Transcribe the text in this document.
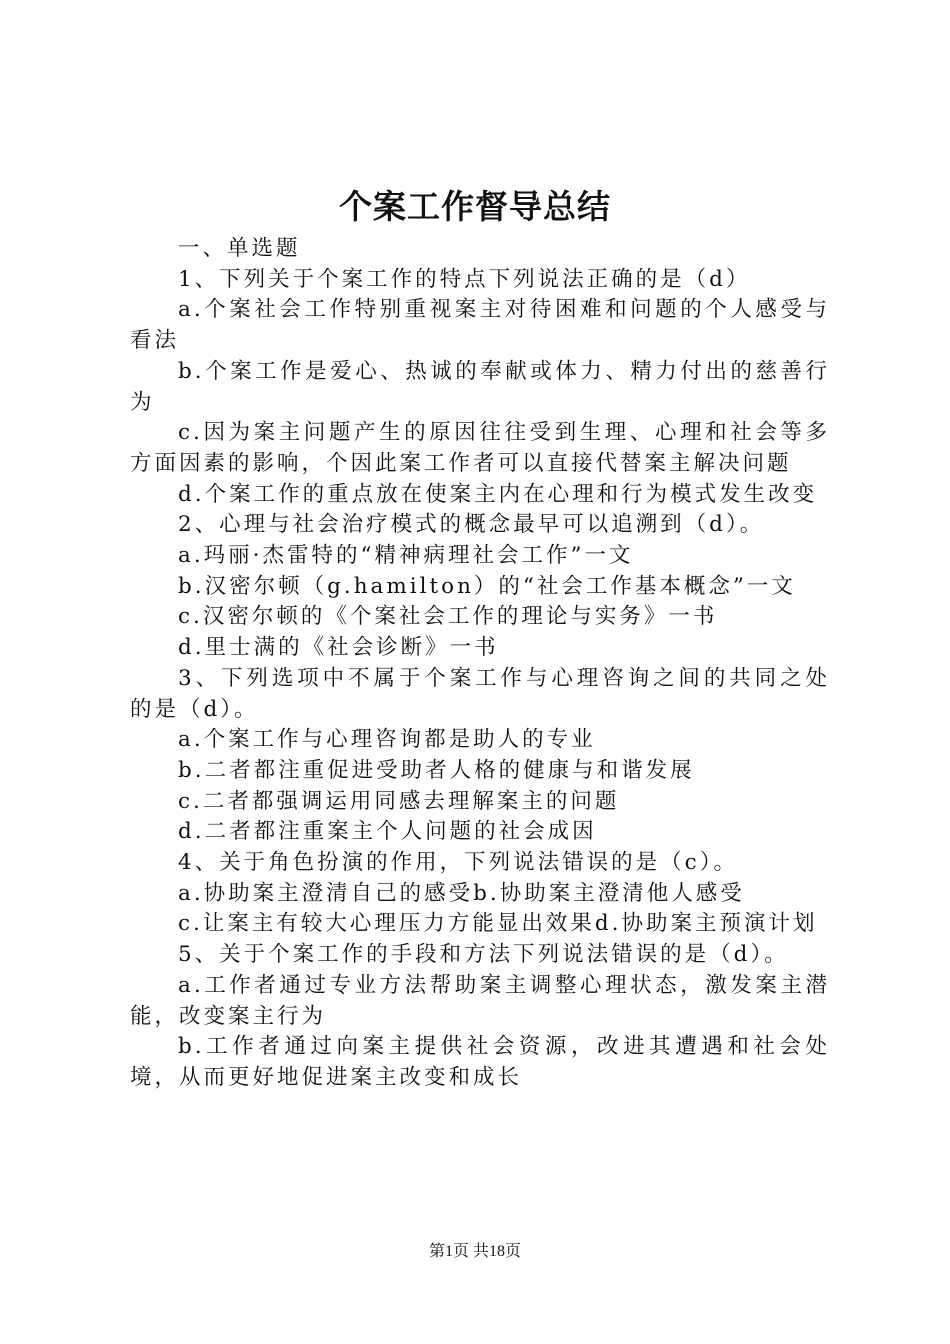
个案工作督导总结

一、单选题

1、下列关于个案工作的特点下列说法正确的是（d）

a.个案社会工作特别重视案主对待困难和问题的个人感受与看法

b.个案工作是爱心、热诚的奉献或体力、精力付出的慈善行为

c.因为案主问题产生的原因往往受到生理、心理和社会等多方面因素的影响，个因此案工作者可以直接代替案主解决问题

d.个案工作的重点放在使案主内在心理和行为模式发生改变

2、心理与社会治疗模式的概念最早可以追溯到（d）。

a.玛丽·杰雷特的“精神病理社会工作”一文

b.汉密尔顿（g.hamilton）的“社会工作基本概念”一文

c.汉密尔顿的《个案社会工作的理论与实务》一书

d.里士满的《社会诊断》一书

3、下列选项中不属于个案工作与心理咨询之间的共同之处的是（d）。

a.个案工作与心理咨询都是助人的专业

b.二者都注重促进受助者人格的健康与和谐发展

c.二者都强调运用同感去理解案主的问题

d.二者都注重案主个人问题的社会成因

4、关于角色扮演的作用，下列说法错误的是（c）。

a.协助案主澄清自己的感受b.协助案主澄清他人感受

c.让案主有较大心理压力方能显出效果d.协助案主预演计划

5、关于个案工作的手段和方法下列说法错误的是（d）。

a.工作者通过专业方法帮助案主调整心理状态，激发案主潜能，改变案主行为

b.工作者通过向案主提供社会资源，改进其遭遇和社会处境，从而更好地促进案主改变和成长

第1页 共18页
